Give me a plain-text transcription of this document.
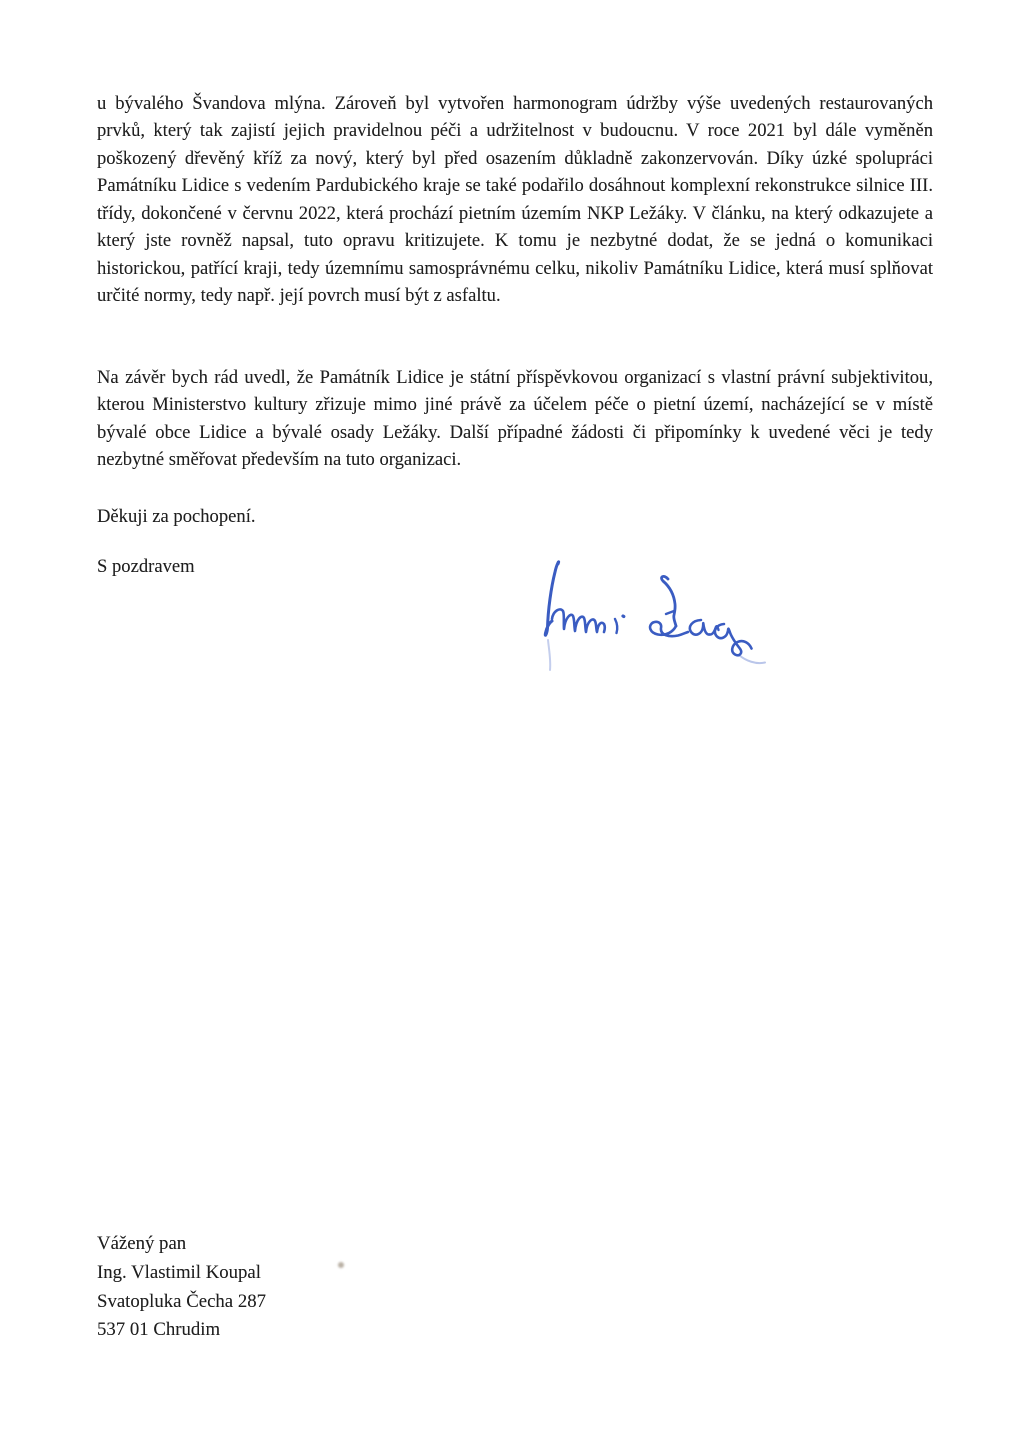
u bývalého Švandova mlýna. Zároveň byl vytvořen harmonogram údržby výše uvedených restaurovaných prvků, který tak zajistí jejich pravidelnou péči a udržitelnost v budoucnu. V roce 2021 byl dále vyměněn poškozený dřevěný kříž za nový, který byl před osazením důkladně zakonzervován. Díky úzké spolupráci Památníku Lidice s vedením Pardubického kraje se také podařilo dosáhnout komplexní rekonstrukce silnice III. třídy, dokončené v červnu 2022, která prochází pietním územím NKP Ležáky. V článku, na který odkazujete a který jste rovněž napsal, tuto opravu kritizujete. K tomu je nezbytné dodat, že se jedná o komunikaci historickou, patřící kraji, tedy územnímu samosprávnému celku, nikoliv Památníku Lidice, která musí splňovat určité normy, tedy např. její povrch musí být z asfaltu.

Na závěr bych rád uvedl, že Památník Lidice je státní příspěvkovou organizací s vlastní právní subjektivitou, kterou Ministerstvo kultury zřizuje mimo jiné právě za účelem péče o pietní území, nacházející se v místě bývalé obce Lidice a bývalé osady Ležáky. Další případné žádosti či připomínky k uvedené věci je tedy nezbytné směřovat především na tuto organizaci.

Děkuji za pochopení.

S pozdravem

Vážený pan

Ing. Vlastimil Koupal

Svatopluka Čecha 287

537 01 Chrudim
